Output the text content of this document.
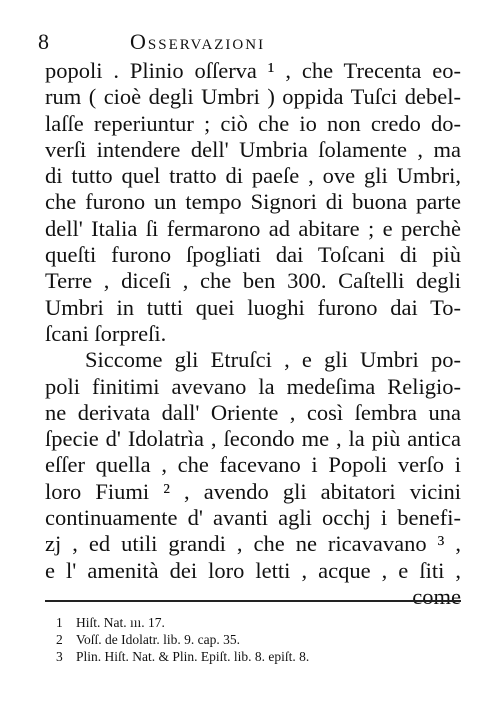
8	Osservazioni
popoli . Plinio oſſerva ¹ , che Trecenta eo-
rum ( cioè degli Umbri ) oppida Tuſci debel-
laſſe reperiuntur ; ciò che io non credo do-
verſi intendere dell' Umbria ſolamente , ma
di tutto quel tratto di paeſe , ove gli Umbri,
che furono un tempo Signori di buona parte
dell' Italia ſi fermarono ad abitare ; e perchè
queſti furono ſpogliati dai Toſcani di più
Terre , diceſi , che ben 300. Caſtelli degli
Umbri in tutti quei luoghi furono dai To-
ſcani ſorpreſi.
Siccome gli Etruſci , e gli Umbri po-
poli finitimi avevano la medeſima Religio-
ne derivata dall' Oriente , così ſembra una
ſpecie d' Idolatrìa , ſecondo me , la più antica
eſſer quella , che facevano i Popoli verſo i
loro Fiumi ² , avendo gli abitatori vicini
continuamente d' avanti agli occhj i benefi-
zj , ed utili grandi , che ne ricavavano ³ ,
e l' amenità dei loro letti , acque , e ſiti ,
come
1 Hiſt. Nat. ııı. 17.
2 Voſſ. de Idolatr. lib. 9. cap. 35.
3 Plin. Hiſt. Nat. & Plin. Epiſt. lib. 8. epiſt. 8.
